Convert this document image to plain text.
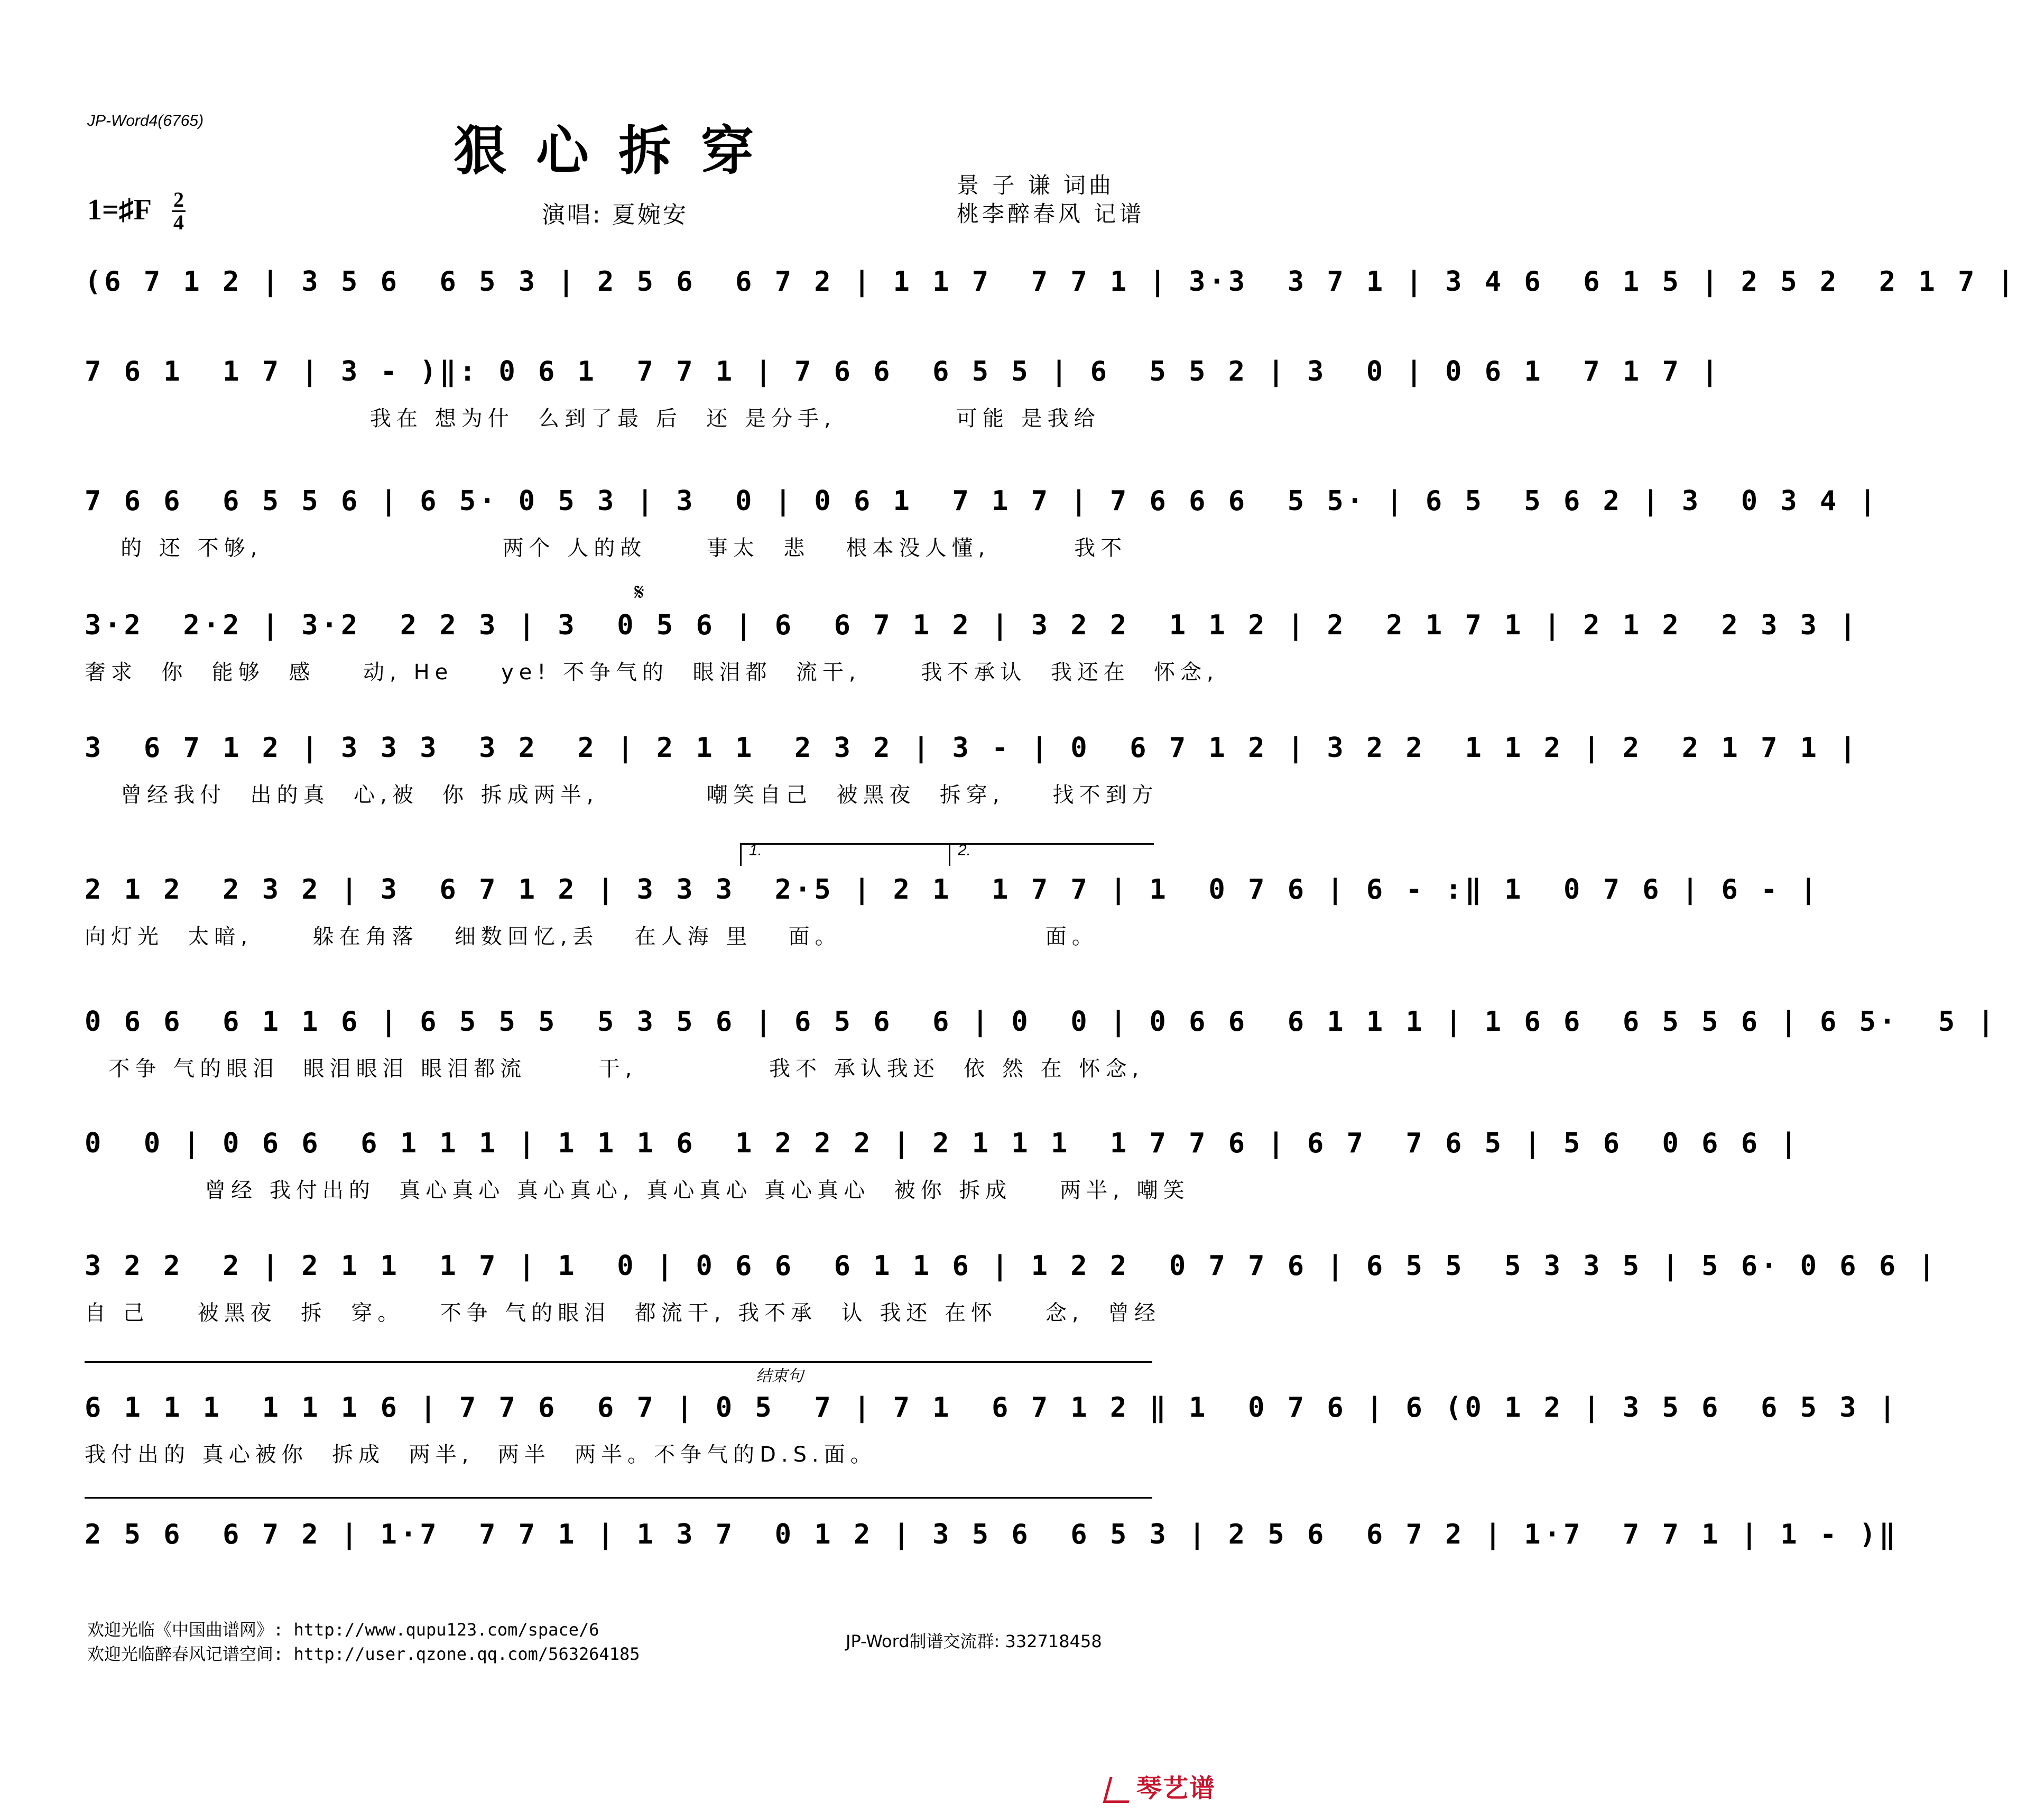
JP-Word4(6765)	狠心拆穿
景 子 谦 词曲
桃李醉春风 记谱
1=♯F 2
4	演唱: 夏婉安
(6 7 1 2 | 3 5 6  6 5 3 | 2 5 6  6 7 2 | 1 1 7  7 7 1 | 3·3  3 7 1 | 3 4 6  6 1 5 | 2 5 2  2 1 7 |
7 6 1  1 7 | 3 - )‖: 0 6 1  7 7 1 | 7 6 6  6 5 5 | 6  5 5 2 | 3  0 | 0 6 1  7 1 7 |
我在 想为什  么到了最 后  还 是分手,          可能 是我给
7 6 6  6 5 5 6 | 6 5· 0 5 3 | 3  0 | 0 6 1  7 1 7 | 7 6 6 6  5 5· | 6 5  5 6 2 | 3  0 3 4 |
的 还 不够,                    两个 人的故     事太  悲   根本没人懂,       我不
𝄋
3·2  2·2 | 3·2  2 2 3 | 3  0 5 6 | 6  6 7 1 2 | 3 2 2  1 1 2 | 2  2 1 7 1 | 2 1 2  2 3 3 |
奢求  你  能够  感    动, He    ye! 不争气的  眼泪都  流干,     我不承认  我还在  怀念,
3  6 7 1 2 | 3 3 3  3 2  2 | 2 1 1  2 3 2 | 3 - | 0  6 7 1 2 | 3 2 2  1 1 2 | 2  2 1 7 1 |
曾经我付  出的真  心,被  你 拆成两半,         嘲笑自己  被黑夜  拆穿,    找不到方
1.	2.
2 1 2  2 3 2 | 3  6 7 1 2 | 3 3 3  2·5 | 2 1  1 7 7 | 1  0 7 6 | 6 - :‖ 1  0 7 6 | 6 - |
向灯光  太暗,     躲在角落   细数回忆,丢   在人海 里   面。                 面。
0 6 6  6 1 1 6 | 6 5 5 5  5 3 5 6 | 6 5 6  6 | 0  0 | 0 6 6  6 1 1 1 | 1 6 6  6 5 5 6 | 6 5·  5 |
不争 气的眼泪  眼泪眼泪 眼泪都流      干,           我不 承认我还  依 然 在 怀念,
0  0 | 0 6 6  6 1 1 1 | 1 1 1 6  1 2 2 2 | 2 1 1 1  1 7 7 6 | 6 7  7 6 5 | 5 6  0 6 6 |
曾经 我付出的  真心真心 真心真心, 真心真心 真心真心  被你 拆成    两半, 嘲笑
3 2 2  2 | 2 1 1  1 7 | 1  0 | 0 6 6  6 1 1 6 | 1 2 2  0 7 7 6 | 6 5 5  5 3 3 5 | 5 6· 0 6 6 |
自 己    被黑夜  拆  穿。   不争 气的眼泪  都流干, 我不承  认 我还 在怀    念,  曾经
结束句
6 1 1 1  1 1 1 6 | 7 7 6  6 7 | 0 5  7 | 7 1  6 7 1 2 ‖ 1  0 7 6 | 6 (0 1 2 | 3 5 6  6 5 3 |
我付出的 真心被你  拆成  两半,  两半  两半。不争气的D.S.面。
2 5 6  6 7 2 | 1·7  7 7 1 | 1 3 7  0 1 2 | 3 5 6  6 5 3 | 2 5 6  6 7 2 | 1·7  7 7 1 | 1 - )‖
欢迎光临《中国曲谱网》: http://www.qupu123.com/space/6
欢迎光临醉春风记谱空间: http://user.qzone.qq.com/563264185
JP-Word制谱交流群: 332718458
琴艺谱
